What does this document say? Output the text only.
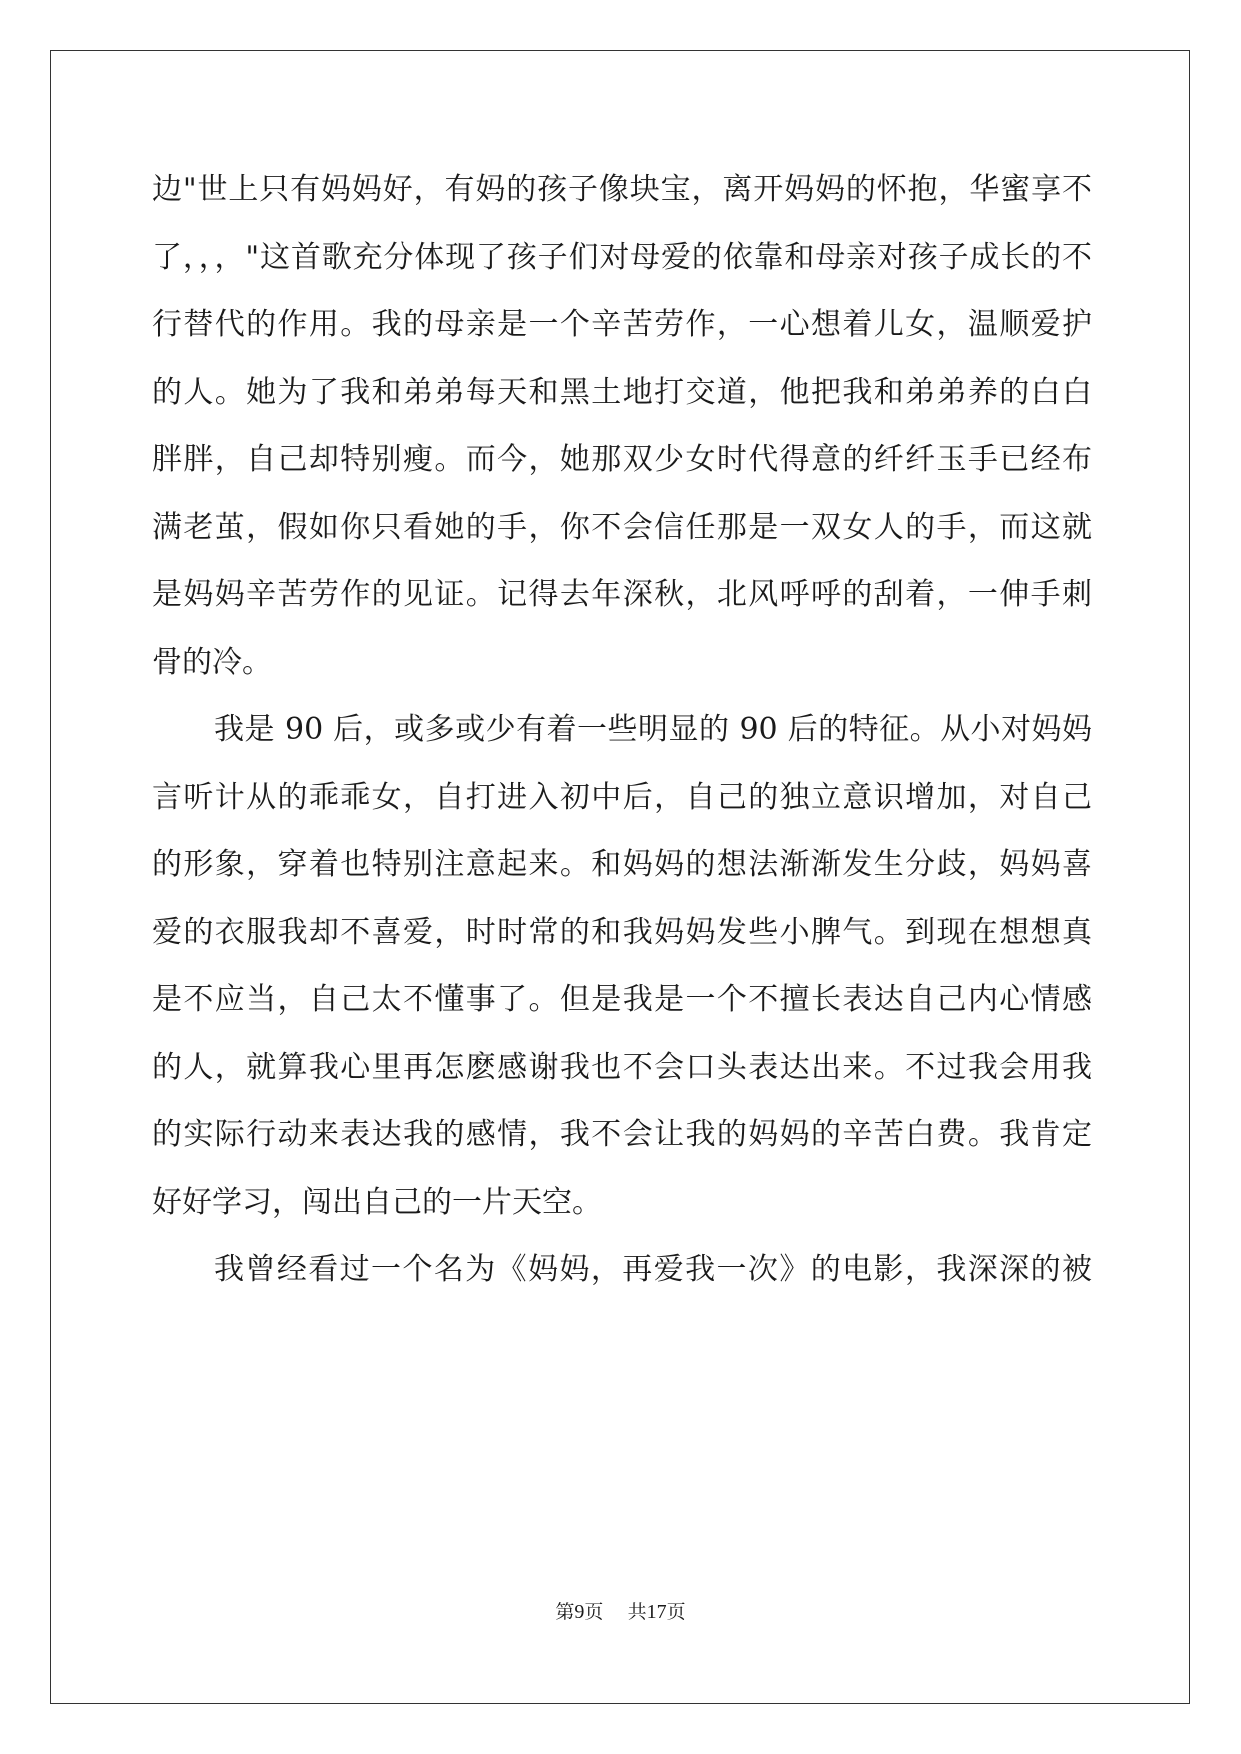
边"世上只有妈妈好，有妈的孩子像块宝，离开妈妈的怀抱，华蜜享不
了，，，"这首歌充分体现了孩子们对母爱的依靠和母亲对孩子成长的不
行替代的作用。我的母亲是一个辛苦劳作，一心想着儿女，温顺爱护
的人。她为了我和弟弟每天和黑土地打交道，他把我和弟弟养的白白
胖胖，自己却特别瘦。而今，她那双少女时代得意的纤纤玉手已经布
满老茧，假如你只看她的手，你不会信任那是一双女人的手，而这就
是妈妈辛苦劳作的见证。记得去年深秋，北风呼呼的刮着，一伸手刺
骨的冷。
我是 90 后，或多或少有着一些明显的 90 后的特征。从小对妈妈
言听计从的乖乖女，自打进入初中后，自己的独立意识增加，对自己
的形象，穿着也特别注意起来。和妈妈的想法渐渐发生分歧，妈妈喜
爱的衣服我却不喜爱，时时常的和我妈妈发些小脾气。到现在想想真
是不应当，自己太不懂事了。但是我是一个不擅长表达自己内心情感
的人，就算我心里再怎麽感谢我也不会口头表达出来。不过我会用我
的实际行动来表达我的感情，我不会让我的妈妈的辛苦白费。我肯定
好好学习，闯出自己的一片天空。
我曾经看过一个名为《妈妈，再爱我一次》的电影，我深深的被
第9页 共17页
